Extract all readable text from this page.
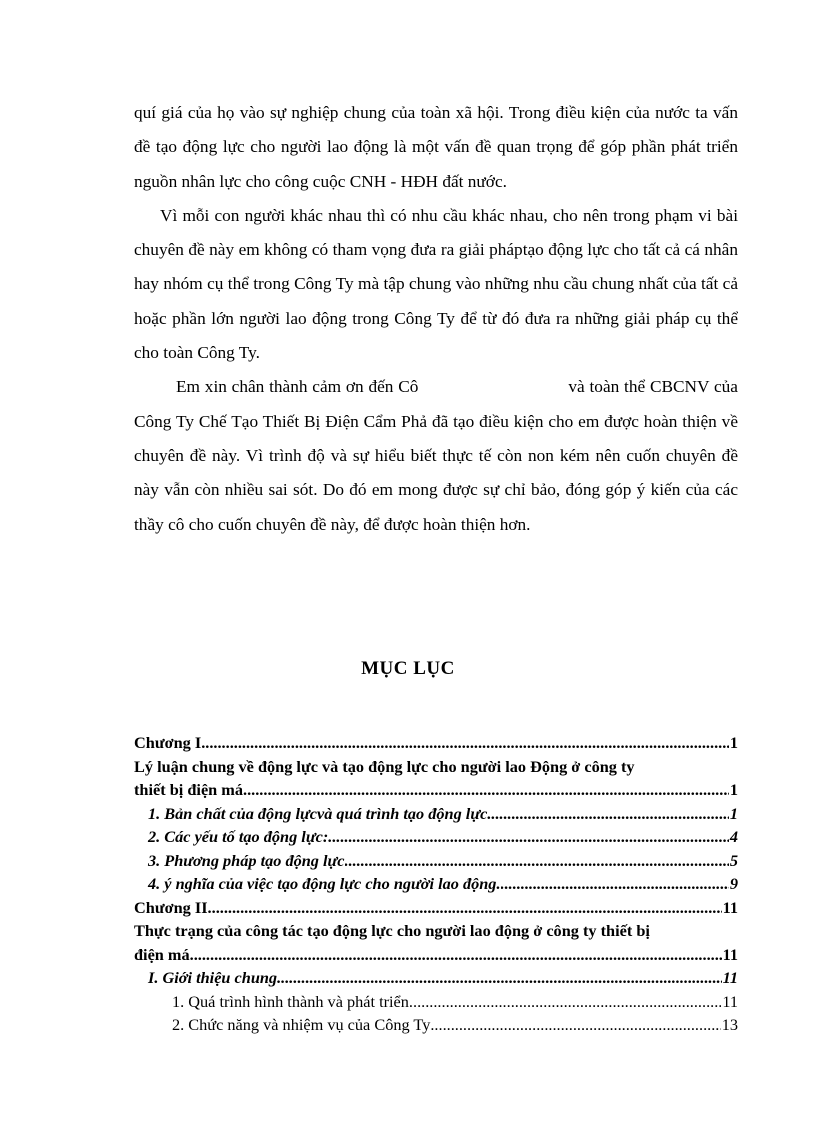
quí giá của họ vào sự nghiệp chung của toàn xã hội. Trong điều kiện của nước ta vấn đề tạo động lực cho người lao động là một vấn đề quan trọng để góp phần phát triển nguồn nhân lực cho công cuộc CNH - HĐH đất nước.

Vì mỗi con người khác nhau thì có nhu cầu khác nhau, cho nên trong phạm vi bài chuyên đề này em không có tham vọng đưa ra giải pháptạo động lực cho tất cả cá nhân hay nhóm cụ thể trong Công Ty mà tập chung vào những nhu cầu chung nhất của tất cả hoặc phần lớn người lao động trong Công Ty để từ đó đưa ra những giải pháp cụ thể cho toàn Công Ty.

Em xin chân thành cảm ơn đến Cô	và toàn thể CBCNV của Công Ty Chế Tạo Thiết Bị Điện Cẩm Phả đã tạo điều kiện cho em được hoàn thiện về chuyên đề này. Vì trình độ và sự hiểu biết thực tế còn non kém nên cuốn chuyên đề này vẫn còn nhiều sai sót. Do đó em mong được sự chỉ bảo, đóng góp ý kiến của các thầy cô cho cuốn chuyên đề này, để được hoàn thiện hơn.

MỤC LỤC
Chương I .....	1
Lý luận chung về động lực và tạo động lực cho người lao Động ở công ty
thiết bị điện má .....	1
1. Bản chất của động lựcvà quá trình tạo động lực .....	1
2. Các yếu tố tạo động lực: .....	4
3. Phương pháp tạo động lực .....	5
4. ý nghĩa của việc tạo động lực cho người lao động. .....	9
Chương II .....	11
Thực trạng của công tác tạo động lực cho người lao động ở công ty thiết bị
điện má .....	11
I. Giới thiệu chung. .....	11
1. Quá trình hình thành và phát triển. .....	11
2. Chức năng và nhiệm vụ của Công Ty .....	13
